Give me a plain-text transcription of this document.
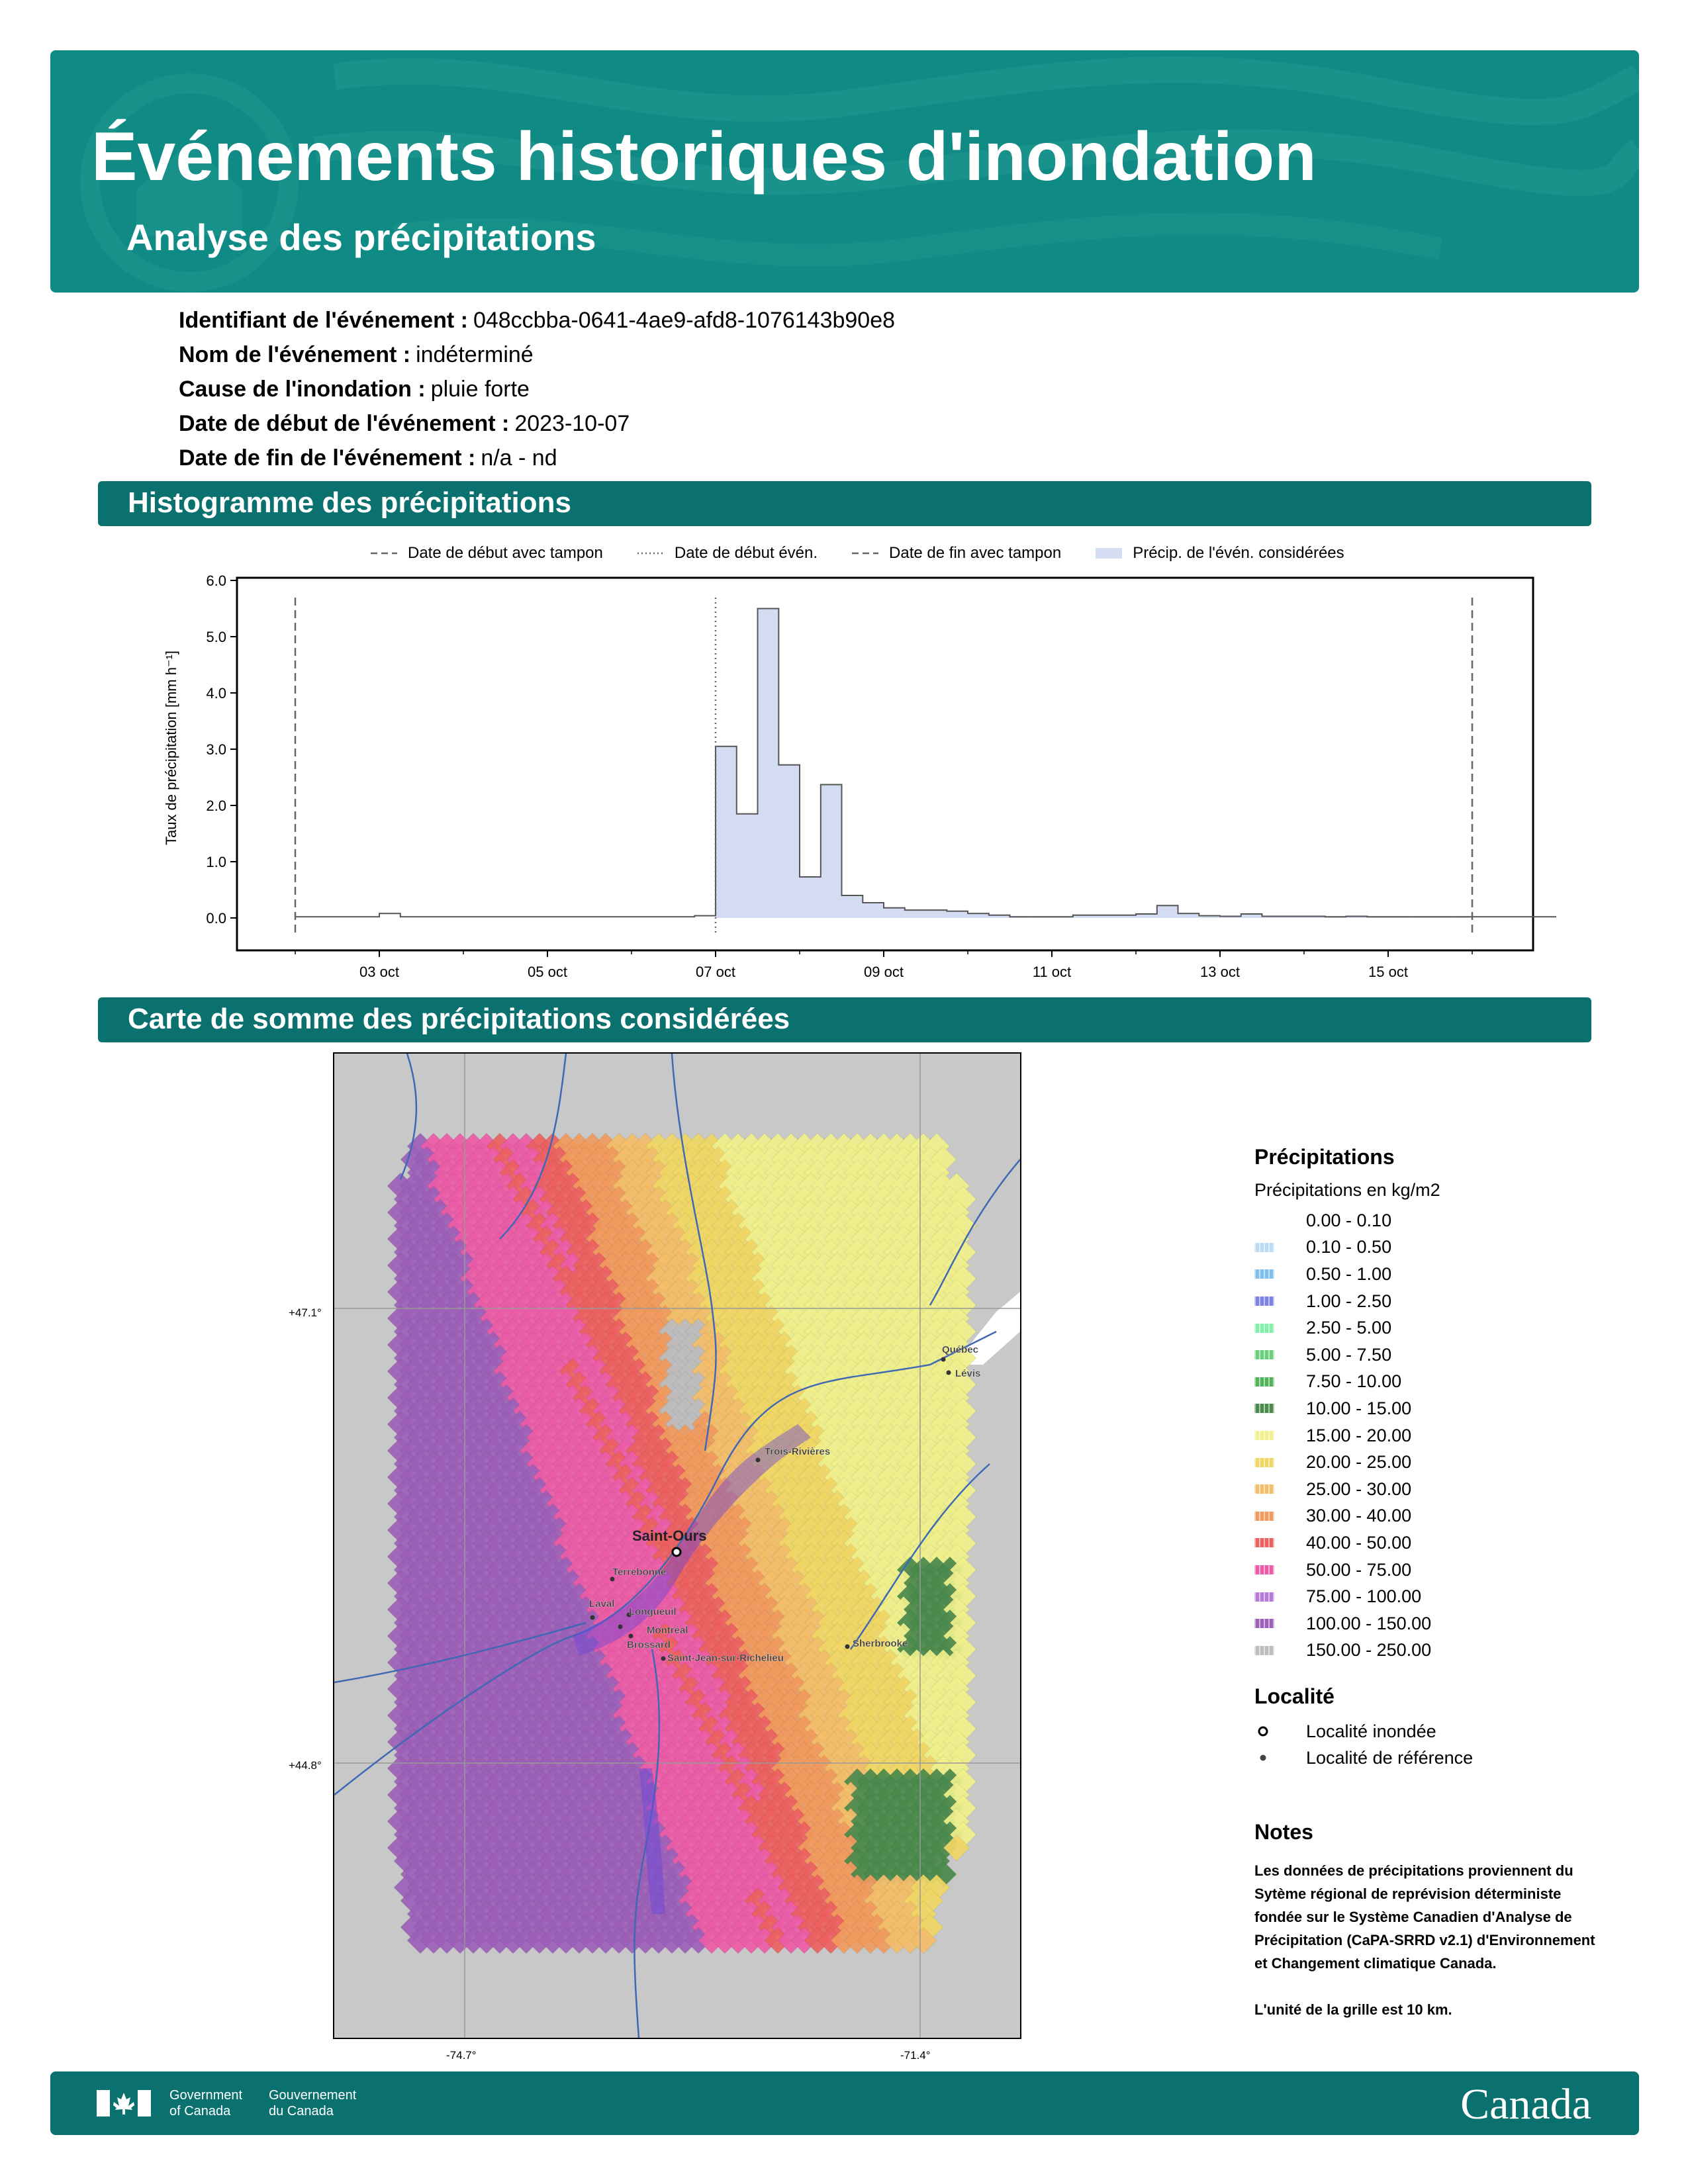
Événements historiques d'inondation
Analyse des précipitations
Identifiant de l'événement : 048ccbba-0641-4ae9-afd8-1076143b90e8
Nom de l'événement : indéterminé
Cause de l'inondation : pluie forte
Date de début de l'événement : 2023-10-07
Date de fin de l'événement : n/a - nd
Histogramme des précipitations
Date de début avec tampon	Date de début évén.	Date de fin avec tampon	Précip. de l'évén. considérées
0.0
1.0
2.0
3.0
4.0
5.0
6.0
03 oct	05 oct	07 oct	09 oct	11 oct	13 oct	15 oct
Taux de précipitation [mm h⁻¹]
Carte de somme des précipitations considérées
Québec
Lévis
Trois-Rivières
Terrebonne
Laval
Longueuil
Montréal
Brossard
Saint-Jean-sur-Richelieu
Sherbrooke
Saint-Ours
+47.1°
+44.8°
-74.7°	-71.4°
Précipitations
Précipitations en kg/m2
0.00 - 0.10
0.10 - 0.50
0.50 - 1.00
1.00 - 2.50
2.50 - 5.00
5.00 - 7.50
7.50 - 10.00
10.00 - 15.00
15.00 - 20.00
20.00 - 25.00
25.00 - 30.00
30.00 - 40.00
40.00 - 50.00
50.00 - 75.00
75.00 - 100.00
100.00 - 150.00
150.00 - 250.00
Localité
Localité inondée
Localité de référence
Notes

Les données de précipitations proviennent du Sytème régional de reprévision déterministe fondée sur le Système Canadien d'Analyse de Précipitation (CaPA-SRRD v2.1) d'Environnement et Changement climatique Canada.

L'unité de la grille est 10 km.

Government
of Canada
Gouvernement
du Canada	Canada
